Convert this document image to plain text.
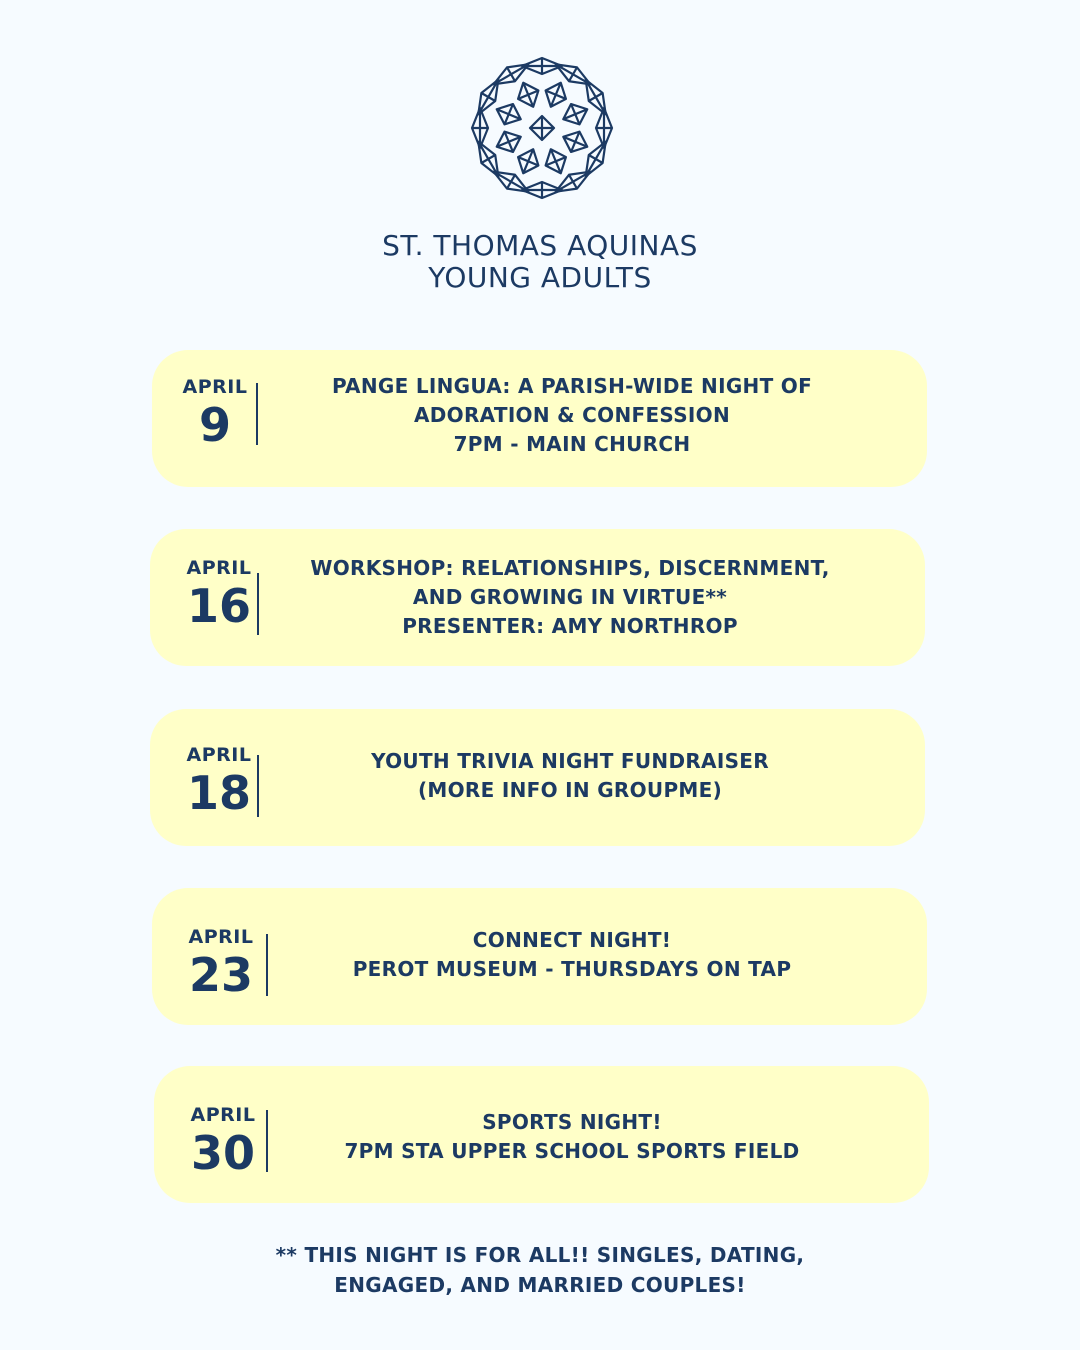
ST. THOMAS AQUINAS
YOUNG ADULTS
APRIL
9
PANGE LINGUA: A PARISH-WIDE NIGHT OF
ADORATION & CONFESSION
7PM - MAIN CHURCH
APRIL
16
WORKSHOP: RELATIONSHIPS, DISCERNMENT,
AND GROWING IN VIRTUE**
PRESENTER: AMY NORTHROP
APRIL
18
YOUTH TRIVIA NIGHT FUNDRAISER
(MORE INFO IN GROUPME)
APRIL
23
CONNECT NIGHT!
PEROT MUSEUM - THURSDAYS ON TAP
APRIL
30
SPORTS NIGHT!
7PM STA UPPER SCHOOL SPORTS FIELD
** THIS NIGHT IS FOR ALL!! SINGLES, DATING,
ENGAGED, AND MARRIED COUPLES!
